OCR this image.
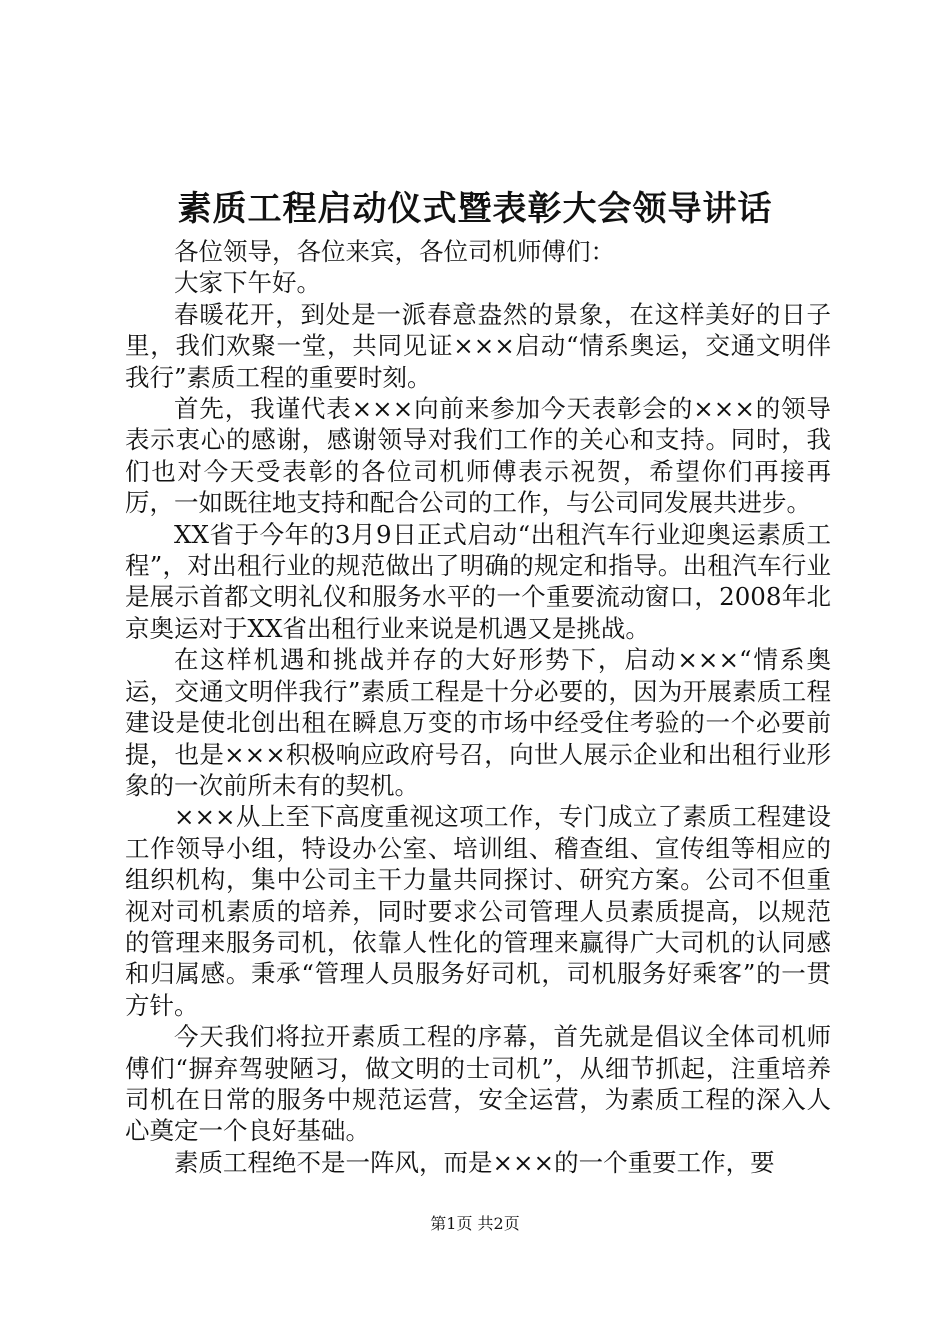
素质工程启动仪式暨表彰大会领导讲话

各位领导，各位来宾，各位司机师傅们：

大家下午好。

春暖花开，到处是一派春意盎然的景象，在这样美好的日子里，我们欢聚一堂，共同见证×××启动“情系奥运，交通文明伴我行”素质工程的重要时刻。

首先，我谨代表×××向前来参加今天表彰会的×××的领导表示衷心的感谢，感谢领导对我们工作的关心和支持。同时，我们也对今天受表彰的各位司机师傅表示祝贺，希望你们再接再厉，一如既往地支持和配合公司的工作，与公司同发展共进步。

XX省于今年的3月9日正式启动“出租汽车行业迎奥运素质工程”，对出租行业的规范做出了明确的规定和指导。出租汽车行业是展示首都文明礼仪和服务水平的一个重要流动窗口，2008年北京奥运对于XX省出租行业来说是机遇又是挑战。

在这样机遇和挑战并存的大好形势下，启动×××“情系奥运，交通文明伴我行”素质工程是十分必要的，因为开展素质工程建设是使北创出租在瞬息万变的市场中经受住考验的一个必要前提，也是×××积极响应政府号召，向世人展示企业和出租行业形象的一次前所未有的契机。

×××从上至下高度重视这项工作，专门成立了素质工程建设工作领导小组，特设办公室、培训组、稽查组、宣传组等相应的组织机构，集中公司主干力量共同探讨、研究方案。公司不但重视对司机素质的培养，同时要求公司管理人员素质提高，以规范的管理来服务司机，依靠人性化的管理来赢得广大司机的认同感和归属感。秉承“管理人员服务好司机，司机服务好乘客”的一贯方针。

今天我们将拉开素质工程的序幕，首先就是倡议全体司机师傅们“摒弃驾驶陋习，做文明的士司机”，从细节抓起，注重培养司机在日常的服务中规范运营，安全运营，为素质工程的深入人心奠定一个良好基础。

素质工程绝不是一阵风，而是×××的一个重要工作，要

第1页 共2页
